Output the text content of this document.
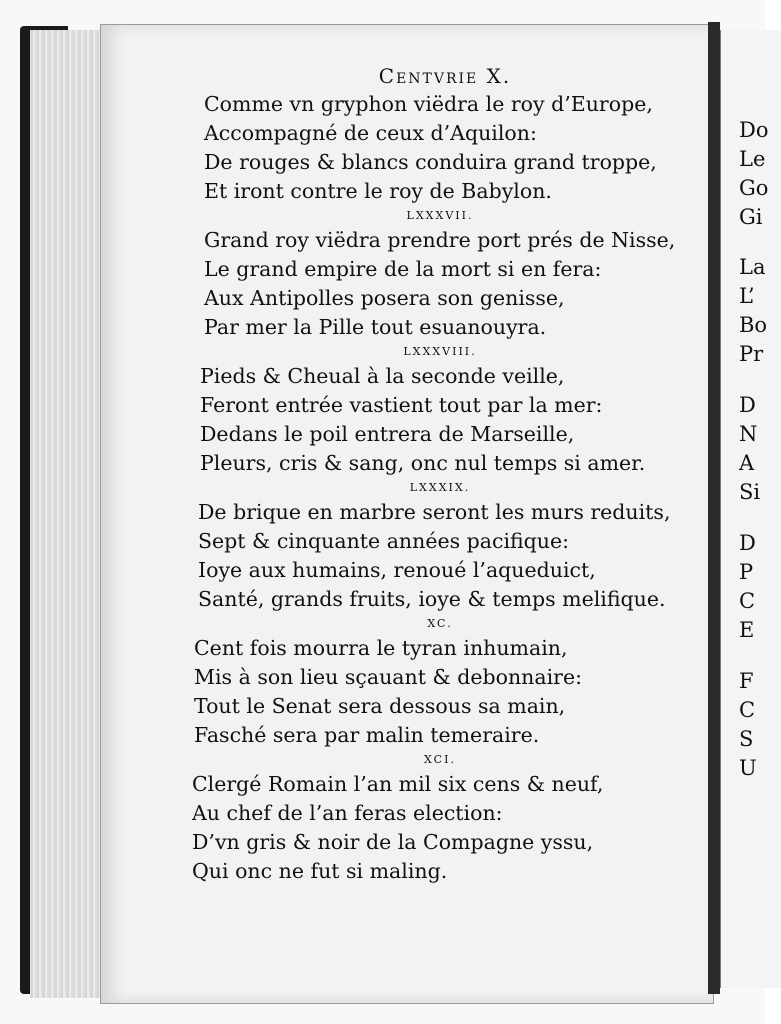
Do
Le
Go
Gi
La
L’
Bo
Pr
D
N
A
Si
D
P
C
E
F
C
S
U
Centvrie X.
Comme vn gryphon viëdra le roy d’Europe,
Accompagné de ceux d’Aquilon:
De rouges & blancs conduira grand troppe,
Et iront contre le roy de Babylon.
LXXXVII.
Grand roy viëdra prendre port prés de Nisse,
Le grand empire de la mort si en fera:
Aux Antipolles posera son genisse,
Par mer la Pille tout esuanouyra.
LXXXVIII.
Pieds & Cheual à la seconde veille,
Feront entrée vastient tout par la mer:
Dedans le poil entrera de Marseille,
Pleurs, cris & sang, onc nul temps si amer.
LXXXIX.
De brique en marbre seront les murs reduits,
Sept & cinquante années pacifique:
Ioye aux humains, renoué l’aqueduict,
Santé, grands fruits, ioye & temps melifique.
XC.
Cent fois mourra le tyran inhumain,
Mis à son lieu sçauant & debonnaire:
Tout le Senat sera dessous sa main,
Fasché sera par malin temeraire.
XCI.
Clergé Romain l’an mil six cens & neuf,
Au chef de l’an feras election:
D’vn gris & noir de la Compagne yssu,
Qui onc ne fut si maling.
